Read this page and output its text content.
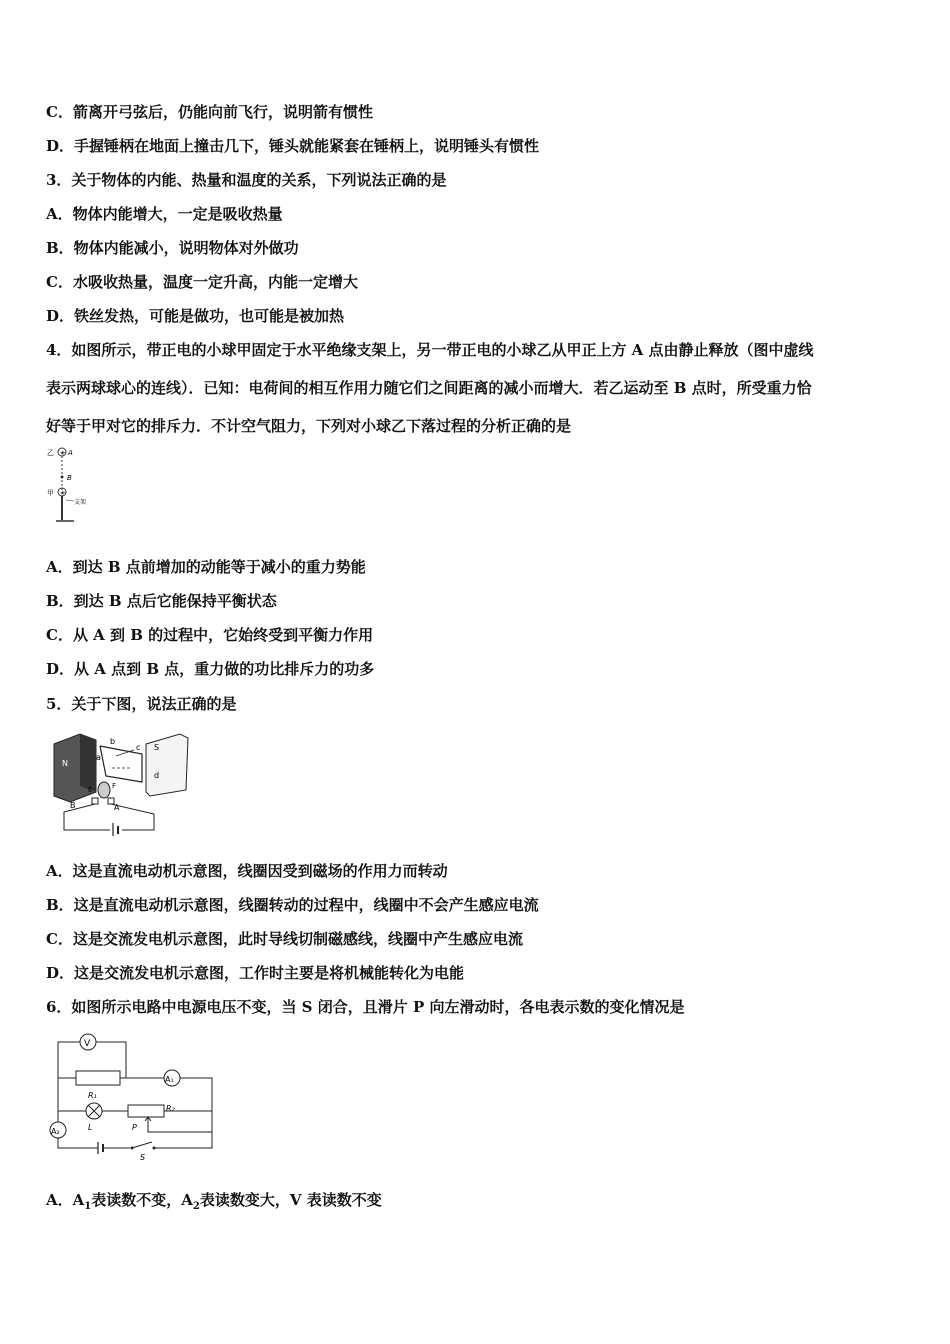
C．箭离开弓弦后，仍能向前飞行，说明箭有惯性
D．手握锤柄在地面上撞击几下，锤头就能紧套在锤柄上，说明锤头有惯性
3．关于物体的内能、热量和温度的关系，下列说法正确的是
A．物体内能增大，一定是吸收热量
B．物体内能减小，说明物体对外做功
C．水吸收热量，温度一定升高，内能一定增大
D．铁丝发热，可能是做功，也可能是被加热
4．如图所示，带正电的小球甲固定于水平绝缘支架上，另一带正电的小球乙从甲正上方 A 点由静止释放（图中虚线
表示两球球心的连线）．已知：电荷间的相互作用力随它们之间距离的减小而增大．若乙运动至 B 点时，所受重力恰
好等于甲对它的排斥力．不计空气阻力，下列对小球乙下落过程的分析正确的是
+
乙 A
B
+
甲
支架
A．到达 B 点前增加的动能等于减小的重力势能
B．到达 B 点后它能保持平衡状态
C．从 A 到 B 的过程中，它始终受到平衡力作用
D．从 A 点到 B 点，重力做的功比排斥力的功多
5．关于下图，说法正确的是
N
S
d
b
c
a
F
E
B	A
A．这是直流电动机示意图，线圈因受到磁场的作用力而转动
B．这是直流电动机示意图，线圈转动的过程中，线圈中不会产生感应电流
C．这是交流发电机示意图，此时导线切制磁感线，线圈中产生感应电流
D．这是交流发电机示意图，工作时主要是将机械能转化为电能
6．如图所示电路中电源电压不变，当 S 闭合，且滑片 P 向左滑动时，各电表示数的变化情况是
V
R₁
A₁
L
R₂
P
A₂
S
A．$A_1$表读数不变，$A_2$表读数变大，V 表读数不变
